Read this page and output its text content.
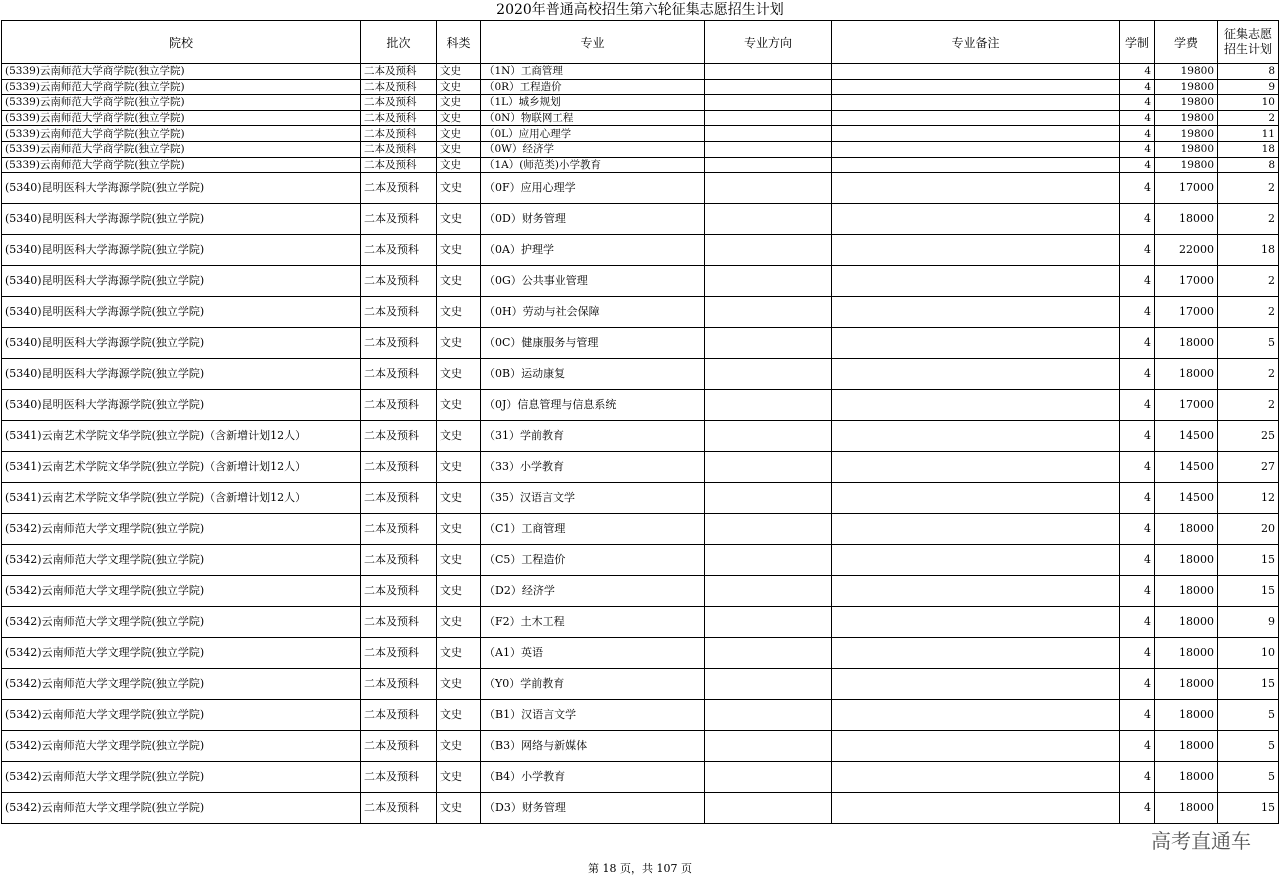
2020年普通高校招生第六轮征集志愿招生计划
院校	批次	科类	专业	专业方向	专业备注	学制	学费	征集志愿
招生计划
(5339)云南师范大学商学院(独立学院)	二本及预科	文史	（1N）工商管理			4	19800	8
(5339)云南师范大学商学院(独立学院)	二本及预科	文史	（0R）工程造价			4	19800	9
(5339)云南师范大学商学院(独立学院)	二本及预科	文史	（1L）城乡规划			4	19800	10
(5339)云南师范大学商学院(独立学院)	二本及预科	文史	（0N）物联网工程			4	19800	2
(5339)云南师范大学商学院(独立学院)	二本及预科	文史	（0L）应用心理学			4	19800	11
(5339)云南师范大学商学院(独立学院)	二本及预科	文史	（0W）经济学			4	19800	18
(5339)云南师范大学商学院(独立学院)	二本及预科	文史	（1A）(师范类)小学教育			4	19800	8
(5340)昆明医科大学海源学院(独立学院)	二本及预科	文史	（0F）应用心理学			4	17000	2
(5340)昆明医科大学海源学院(独立学院)	二本及预科	文史	（0D）财务管理			4	18000	2
(5340)昆明医科大学海源学院(独立学院)	二本及预科	文史	（0A）护理学			4	22000	18
(5340)昆明医科大学海源学院(独立学院)	二本及预科	文史	（0G）公共事业管理			4	17000	2
(5340)昆明医科大学海源学院(独立学院)	二本及预科	文史	（0H）劳动与社会保障			4	17000	2
(5340)昆明医科大学海源学院(独立学院)	二本及预科	文史	（0C）健康服务与管理			4	18000	5
(5340)昆明医科大学海源学院(独立学院)	二本及预科	文史	（0B）运动康复			4	18000	2
(5340)昆明医科大学海源学院(独立学院)	二本及预科	文史	（0J）信息管理与信息系统			4	17000	2
(5341)云南艺术学院文华学院(独立学院)（含新增计划12人）	二本及预科	文史	（31）学前教育			4	14500	25
(5341)云南艺术学院文华学院(独立学院)（含新增计划12人）	二本及预科	文史	（33）小学教育			4	14500	27
(5341)云南艺术学院文华学院(独立学院)（含新增计划12人）	二本及预科	文史	（35）汉语言文学			4	14500	12
(5342)云南师范大学文理学院(独立学院)	二本及预科	文史	（C1）工商管理			4	18000	20
(5342)云南师范大学文理学院(独立学院)	二本及预科	文史	（C5）工程造价			4	18000	15
(5342)云南师范大学文理学院(独立学院)	二本及预科	文史	（D2）经济学			4	18000	15
(5342)云南师范大学文理学院(独立学院)	二本及预科	文史	（F2）土木工程			4	18000	9
(5342)云南师范大学文理学院(独立学院)	二本及预科	文史	（A1）英语			4	18000	10
(5342)云南师范大学文理学院(独立学院)	二本及预科	文史	（Y0）学前教育			4	18000	15
(5342)云南师范大学文理学院(独立学院)	二本及预科	文史	（B1）汉语言文学			4	18000	5
(5342)云南师范大学文理学院(独立学院)	二本及预科	文史	（B3）网络与新媒体			4	18000	5
(5342)云南师范大学文理学院(独立学院)	二本及预科	文史	（B4）小学教育			4	18000	5
(5342)云南师范大学文理学院(独立学院)	二本及预科	文史	（D3）财务管理			4	18000	15
高考直通车
第 18 页，共 107 页
